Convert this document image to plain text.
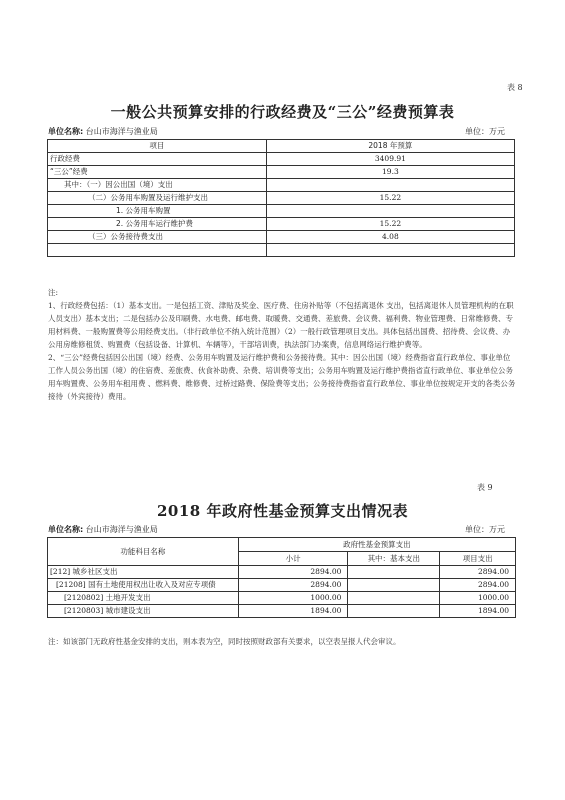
表 8
一般公共预算安排的行政经费及“三公”经费预算表
单位名称: 台山市海洋与渔业局	单位：万元
项目	2018 年预算
行政经费	3409.91
“三公”经费	19.3
其中：（一）因公出国（境）支出	
（二）公务用车购置及运行维护支出	15.22
1. 公务用车购置	
2. 公务用车运行维护费	15.22
（三）公务接待费支出	4.08

注:

1、行政经费包括：（1）基本支出。一是包括工资、津贴及奖金、医疗费、住房补贴等（不包括离退休 支出，包括离退休人员管理机构的在职人员支出）基本支出；二是包括办公及印刷费、水电费、邮电费、取暖费、交通费、差旅费、会议费、福利费、物业管理费、日常维修费、专用材料费、一般购置费等公用经费支出。（非行政单位不纳入统计范围）（2）一般行政管理项目支出。具体包括出国费、招待费、会议费、办公用房维修租赁、购置费（包括设备、计算机、车辆等），干部培训费，执法部门办案费，信息网络运行维护费等。

2、“三公”经费包括因公出国（境）经费、公务用车购置及运行维护费和公务接待费。其中：因公出国（境）经费指省直行政单位、事业单位工作人员公务出国（境）的住宿费、差旅费、伙食补助费、杂费、培训费等支出；公务用车购置及运行维护费指省直行政单位、事业单位公务用车购置费、公务用车租用费 、燃料费、维修费、过桥过路费、保险费等支出；公务接待费指省直行政单位、事业单位按规定开支的各类公务接待（外宾接待）费用。

表 9
2018 年政府性基金预算支出情况表
单位名称: 台山市海洋与渔业局	单位：万元
功能科目名称	政府性基金预算支出		
	小计	其中：基本支出	项目支出
[212] 城乡社区支出	2894.00		2894.00
[21208] 国有土地使用权出让收入及对应专项债	2894.00		2894.00
[2120802] 土地开发支出	1000.00		1000.00
[2120803] 城市建设支出	1894.00		1894.00
注：如该部门无政府性基金安排的支出，则本表为空，同时按照财政部有关要求，以空表呈报人代会审议。
